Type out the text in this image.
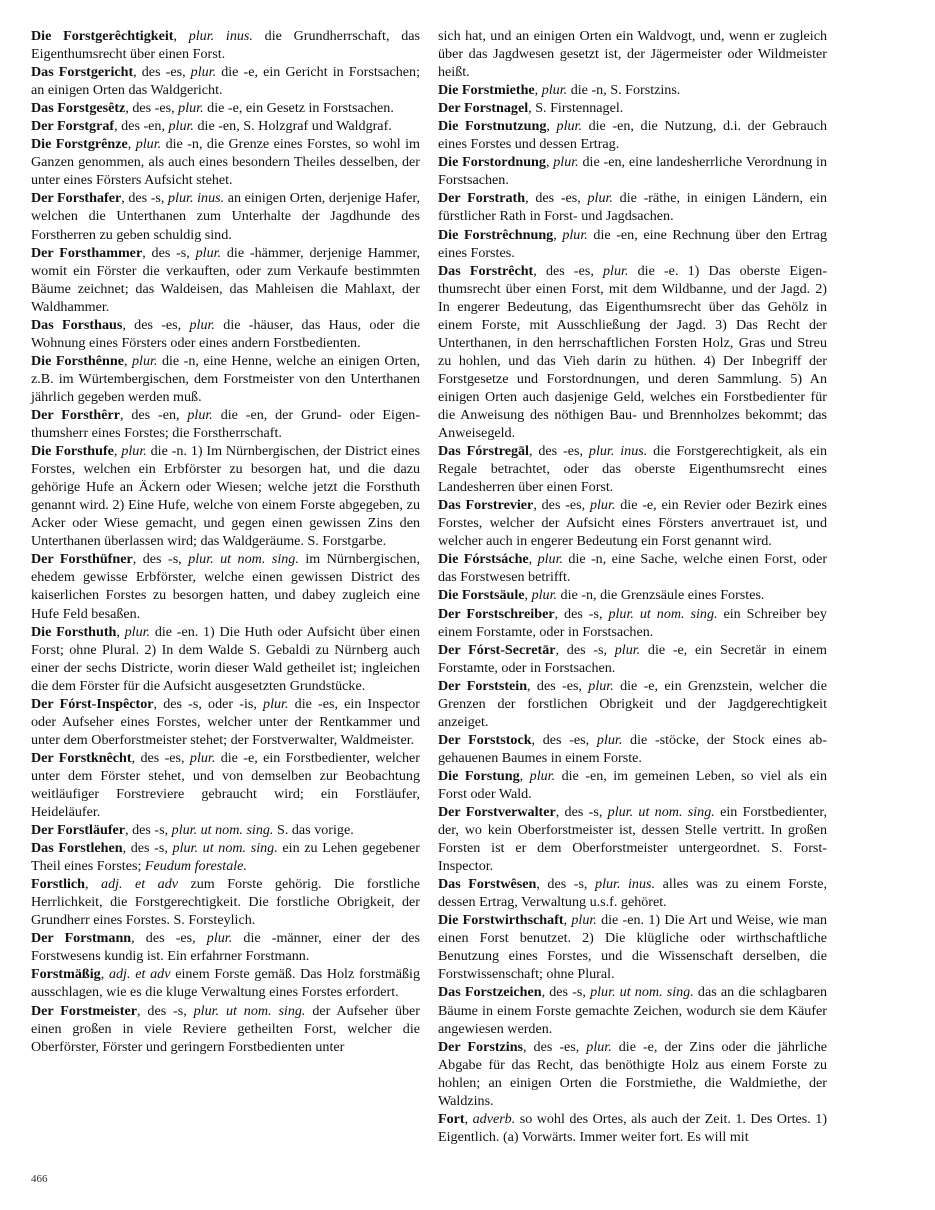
Die Forstgerêchtigkeit, plur. inus. die Grundherrschaft, das Eigenthumsrecht über einen Forst.

Das Forstgericht, des -es, plur. die -e, ein Gericht in Forstsachen; an einigen Orten das Waldgericht.

Das Forstgesêtz, des -es, plur. die -e, ein Gesetz in Forstsachen.

Der Forstgraf, des -en, plur. die -en, S. Holzgraf und Waldgraf.

Die Forstgrênze, plur. die -n, die Grenze eines Forstes, so wohl im Ganzen genommen, als auch eines besondern Theiles desselben, der unter eines Försters Aufsicht stehet.

Der Forsthafer, des -s, plur. inus. an einigen Orten, derjenige Hafer, welchen die Unterthanen zum Unterhalte der Jagdhunde des Forstherren zu geben schuldig sind.

Der Forsthammer, des -s, plur. die -hämmer, derjenige Hammer, womit ein Förster die verkauften, oder zum Verkaufe bestimmten Bäume zeichnet; das Waldeisen, das Mahleisen die Mahlaxt, der Waldhammer.

Das Forsthaus, des -es, plur. die -häuser, das Haus, oder die Wohnung eines Försters oder eines andern Forstbedienten.

Die Forsthênne, plur. die -n, eine Henne, welche an einigen Orten, z.B. im Würtembergischen, dem Forstmeister von den Unterthanen jährlich gegeben werden muß.

Der Forsthêrr, des -en, plur. die -en, der Grund- oder Eigenthumsherr eines Forstes; die Forstherrschaft.

Die Forsthufe, plur. die -n. 1) Im Nürnbergischen, der District eines Forstes, welchen ein Erbförster zu besorgen hat, und die dazu gehörige Hufe an Äckern oder Wiesen; welche jetzt die Forsthuth genannt wird. 2) Eine Hufe, welche von einem Forste abgegeben, zu Acker oder Wiese gemacht, und gegen einen gewissen Zins den Unterthanen überlassen wird; das Waldgeräume. S. Forstgarbe.

Der Forsthüfner, des -s, plur. ut nom. sing. im Nürnbergischen, ehedem gewisse Erbförster, welche einen gewissen District des kaiserlichen Forstes zu besorgen hatten, und dabey zugleich eine Hufe Feld besaßen.

Die Forsthuth, plur. die -en. 1) Die Huth oder Aufsicht über einen Forst; ohne Plural. 2) In dem Walde S. Gebaldi zu Nürnberg auch einer der sechs Districte, worin dieser Wald getheilet ist; ingleichen die dem Förster für die Aufsicht ausgesetzten Grundstücke.

Der Fórst-Inspêctor, des -s, oder -is, plur. die -es, ein Inspector oder Aufseher eines Forstes, welcher unter der Rentkammer und unter dem Oberforstmeister stehet; der Forstverwalter, Waldmeister.

Der Forstknêcht, des -es, plur. die -e, ein Forstbedienter, welcher unter dem Förster stehet, und von demselben zur Beobachtung weitläufiger Forstreviere gebraucht wird; ein Forstläufer, Heideläufer.

Der Forstläufer, des -s, plur. ut nom. sing. S. das vorige.

Das Forstlehen, des -s, plur. ut nom. sing. ein zu Lehen gegebener Theil eines Forstes; Feudum forestale.

Forstlich, adj. et adv zum Forste gehörig. Die forstliche Herrlichkeit, die Forstgerechtigkeit. Die forstliche Obrigkeit, der Grundherr eines Forstes. S. Forsteylich.

Der Forstmann, des -es, plur. die -männer, einer der des Forstwesens kundig ist. Ein erfahrner Forstmann.

Forstmäßig, adj. et adv einem Forste gemäß. Das Holz forstmäßig ausschlagen, wie es die kluge Verwaltung eines Forstes erfordert.

Der Forstmeister, des -s, plur. ut nom. sing. der Aufseher über einen großen in viele Reviere getheilten Forst, welcher die Oberförster, Förster und geringern Forstbedienten unter

sich hat, und an einigen Orten ein Waldvogt, und, wenn er zugleich über das Jagdwesen gesetzt ist, der Jägermeister oder Wildmeister heißt.

Die Forstmiethe, plur. die -n, S. Forstzins.

Der Forstnagel, S. Firstennagel.

Die Forstnutzung, plur. die -en, die Nutzung, d.i. der Gebrauch eines Forstes und dessen Ertrag.

Die Forstordnung, plur. die -en, eine landesherrliche Verordnung in Forstsachen.

Der Forstrath, des -es, plur. die -räthe, in einigen Ländern, ein fürstlicher Rath in Forst- und Jagdsachen.

Die Forstrêchnung, plur. die -en, eine Rechnung über den Ertrag eines Forstes.

Das Forstrêcht, des -es, plur. die -e. 1) Das oberste Eigenthumsrecht über einen Forst, mit dem Wildbanne, und der Jagd. 2) In engerer Bedeutung, das Eigenthumsrecht über das Gehölz in einem Forste, mit Ausschließung der Jagd. 3) Das Recht der Unterthanen, in den herrschaftlichen Forsten Holz, Gras und Streu zu hohlen, und das Vieh darin zu hüthen. 4) Der Inbegriff der Forstgesetze und Forstordnungen, und deren Sammlung. 5) An einigen Orten auch dasjenige Geld, welches ein Forstbedienter für die Anweisung des nöthigen Bau- und Brennholzes bekommt; das Anweisegeld.

Das Fórstregāl, des -es, plur. inus. die Forstgerechtigkeit, als ein Regale betrachtet, oder das oberste Eigenthumsrecht eines Landesherren über einen Forst.

Das Forstrevier, des -es, plur. die -e, ein Revier oder Bezirk eines Forstes, welcher der Aufsicht eines Försters anvertrauet ist, und welcher auch in engerer Bedeutung ein Forst genannt wird.

Die Fórstsáche, plur. die -n, eine Sache, welche einen Forst, oder das Forstwesen betrifft.

Die Forstsäule, plur. die -n, die Grenzsäule eines Forstes.

Der Forstschreiber, des -s, plur. ut nom. sing. ein Schreiber bey einem Forstamte, oder in Forstsachen.

Der Fórst-Secretār, des -s, plur. die -e, ein Secretär in einem Forstamte, oder in Forstsachen.

Der Forststein, des -es, plur. die -e, ein Grenzstein, welcher die Grenzen der forstlichen Obrigkeit und der Jagdgerechtigkeit anzeiget.

Der Forststock, des -es, plur. die -stöcke, der Stock eines abgehauenen Baumes in einem Forste.

Die Forstung, plur. die -en, im gemeinen Leben, so viel als ein Forst oder Wald.

Der Forstverwalter, des -s, plur. ut nom. sing. ein Forstbedienter, der, wo kein Oberforstmeister ist, dessen Stelle vertritt. In großen Forsten ist er dem Oberforstmeister untergeordnet. S. Forst-Inspector.

Das Forstwêsen, des -s, plur. inus. alles was zu einem Forste, dessen Ertrag, Verwaltung u.s.f. gehöret.

Die Forstwirthschaft, plur. die -en. 1) Die Art und Weise, wie man einen Forst benutzet. 2) Die klügliche oder wirthschaftliche Benutzung eines Forstes, und die Wissenschaft derselben, die Forstwissenschaft; ohne Plural.

Das Forstzeichen, des -s, plur. ut nom. sing. das an die schlagbaren Bäume in einem Forste gemachte Zeichen, wodurch sie dem Käufer angewiesen werden.

Der Forstzins, des -es, plur. die -e, der Zins oder die jährliche Abgabe für das Recht, das benöthigte Holz aus einem Forste zu hohlen; an einigen Orten die Forstmiethe, die Waldmiethe, der Waldzins.

Fort, adverb. so wohl des Ortes, als auch der Zeit. 1. Des Ortes. 1) Eigentlich. (a) Vorwärts. Immer weiter fort. Es will mit

466
